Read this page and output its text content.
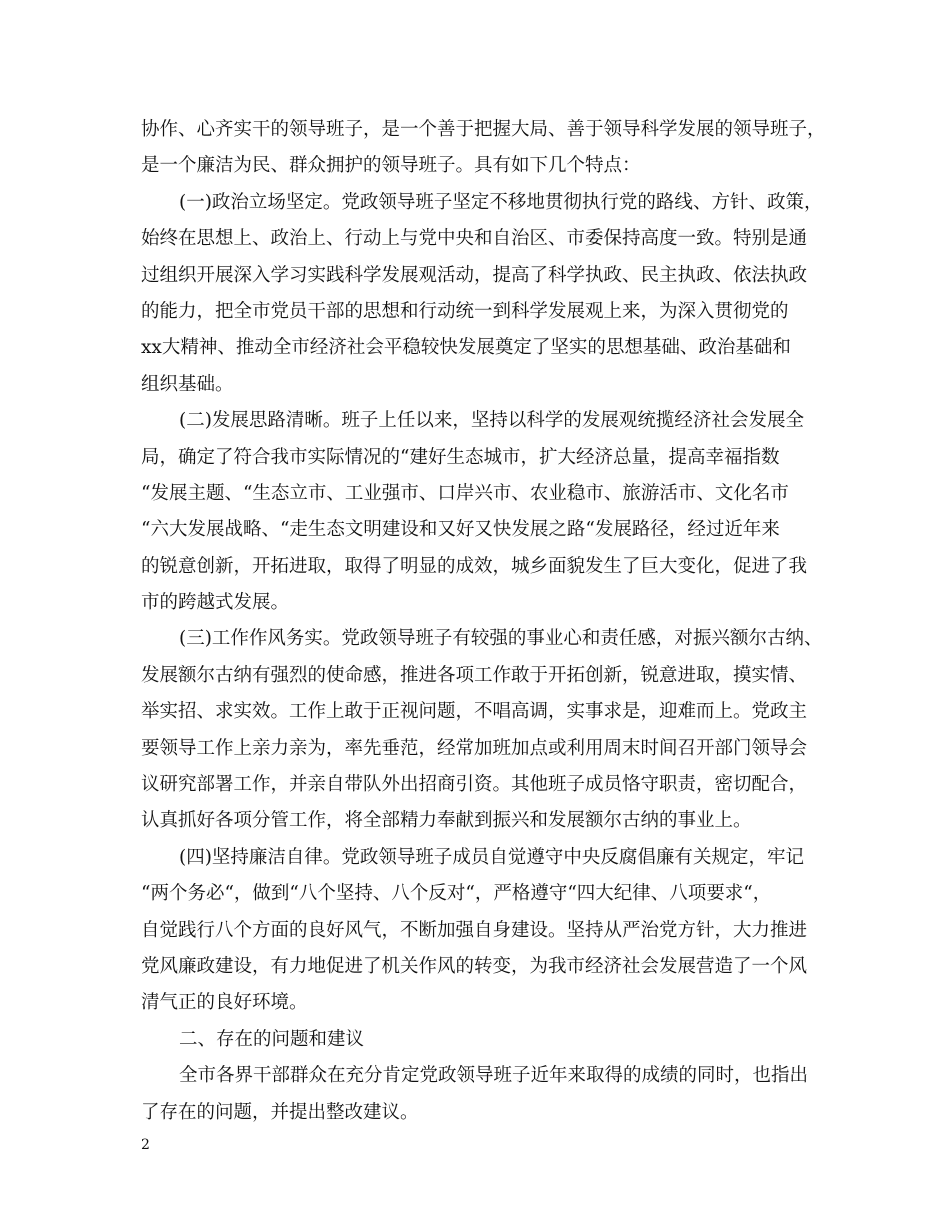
协作、心齐实干的领导班子，是一个善于把握大局、善于领导科学发展的领导班子，
是一个廉洁为民、群众拥护的领导班子。具有如下几个特点：
(一)政治立场坚定。党政领导班子坚定不移地贯彻执行党的路线、方针、政策，
始终在思想上、政治上、行动上与党中央和自治区、市委保持高度一致。特别是通
过组织开展深入学习实践科学发展观活动，提高了科学执政、民主执政、依法执政
的能力，把全市党员干部的思想和行动统一到科学发展观上来，为深入贯彻党的
xx大精神、推动全市经济社会平稳较快发展奠定了坚实的思想基础、政治基础和
组织基础。
(二)发展思路清晰。班子上任以来，坚持以科学的发展观统揽经济社会发展全
局，确定了符合我市实际情况的“建好生态城市，扩大经济总量，提高幸福指数
“发展主题、“生态立市、工业强市、口岸兴市、农业稳市、旅游活市、文化名市
“六大发展战略、“走生态文明建设和又好又快发展之路“发展路径，经过近年来
的锐意创新，开拓进取，取得了明显的成效，城乡面貌发生了巨大变化，促进了我
市的跨越式发展。
(三)工作作风务实。党政领导班子有较强的事业心和责任感，对振兴额尔古纳、
发展额尔古纳有强烈的使命感，推进各项工作敢于开拓创新，锐意进取，摸实情、
举实招、求实效。工作上敢于正视问题，不唱高调，实事求是，迎难而上。党政主
要领导工作上亲力亲为，率先垂范，经常加班加点或利用周末时间召开部门领导会
议研究部署工作，并亲自带队外出招商引资。其他班子成员恪守职责，密切配合，
认真抓好各项分管工作，将全部精力奉献到振兴和发展额尔古纳的事业上。
(四)坚持廉洁自律。党政领导班子成员自觉遵守中央反腐倡廉有关规定，牢记
“两个务必“，做到“八个坚持、八个反对“，严格遵守“四大纪律、八项要求“，
自觉践行八个方面的良好风气，不断加强自身建设。坚持从严治党方针，大力推进
党风廉政建设，有力地促进了机关作风的转变，为我市经济社会发展营造了一个风
清气正的良好环境。
二、存在的问题和建议
全市各界干部群众在充分肯定党政领导班子近年来取得的成绩的同时，也指出
了存在的问题，并提出整改建议。
2
